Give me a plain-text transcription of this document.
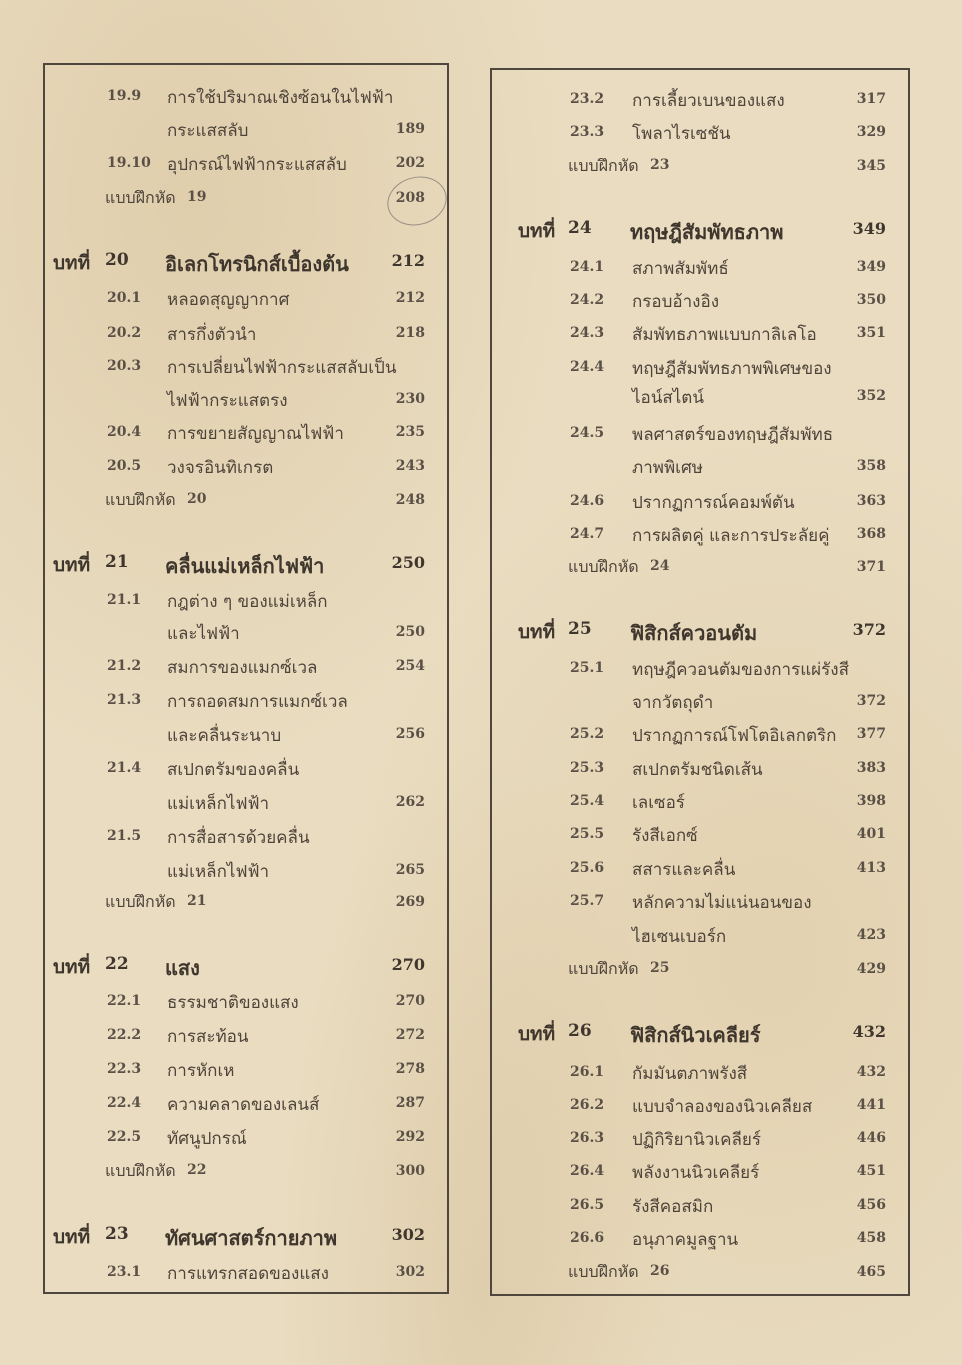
19.9 การใช้ปริมาณเชิงซ้อนในไฟฟ้า
กระแสสลับ	189
19.10 อุปกรณ์ไฟฟ้ากระแสสลับ	202
แบบฝึกหัด 19	208
บทที่ 20 อิเลกโทรนิกส์เบื้องต้น	212
20.1 หลอดสุญญากาศ	212
20.2 สารกึ่งตัวนำ	218
20.3 การเปลี่ยนไฟฟ้ากระแสสลับเป็น
ไฟฟ้ากระแสตรง	230
20.4 การขยายสัญญาณไฟฟ้า	235
20.5 วงจรอินทิเกรต	243
แบบฝึกหัด 20	248
บทที่ 21 คลื่นแม่เหล็กไฟฟ้า	250
21.1 กฎต่าง ๆ ของแม่เหล็ก
และไฟฟ้า	250
21.2 สมการของแมกซ์เวล	254
21.3 การถอดสมการแมกซ์เวล
และคลื่นระนาบ	256
21.4 สเปกตรัมของคลื่น
แม่เหล็กไฟฟ้า	262
21.5 การสื่อสารด้วยคลื่น
แม่เหล็กไฟฟ้า	265
แบบฝึกหัด 21	269
บทที่ 22 แสง	270
22.1 ธรรมชาติของแสง	270
22.2 การสะท้อน	272
22.3 การหักเห	278
22.4 ความคลาดของเลนส์	287
22.5 ทัศนูปกรณ์	292
แบบฝึกหัด 22	300
บทที่ 23 ทัศนศาสตร์กายภาพ	302
23.1 การแทรกสอดของแสง	302
23.2 การเลี้ยวเบนของแสง	317
23.3 โพลาไรเซชัน	329
แบบฝึกหัด 23	345
บทที่ 24 ทฤษฎีสัมพัทธภาพ	349
24.1 สภาพสัมพัทธ์	349
24.2 กรอบอ้างอิง	350
24.3 สัมพัทธภาพแบบกาลิเลโอ	351
24.4 ทฤษฎีสัมพัทธภาพพิเศษของ
ไอน์สไตน์	352
24.5 พลศาสตร์ของทฤษฎีสัมพัทธ
ภาพพิเศษ	358
24.6 ปรากฏการณ์คอมพ์ตัน	363
24.7 การผลิตคู่ และการประลัยคู่ 368
แบบฝึกหัด 24	371
บทที่ 25 ฟิสิกส์ควอนตัม	372
25.1 ทฤษฎีควอนตัมของการแผ่รังสี
จากวัตถุดำ	372
25.2 ปรากฏการณ์โฟโตอิเลกตริก 377
25.3 สเปกตรัมชนิดเส้น	383
25.4 เลเซอร์	398
25.5 รังสีเอกซ์	401
25.6 สสารและคลื่น	413
25.7 หลักความไม่แน่นอนของ
ไฮเซนเบอร์ก	423
แบบฝึกหัด 25	429
บทที่ 26 ฟิสิกส์นิวเคลียร์	432
26.1 กัมมันตภาพรังสี	432
26.2 แบบจำลองของนิวเคลียส	441
26.3 ปฏิกิริยานิวเคลียร์	446
26.4 พลังงานนิวเคลียร์	451
26.5 รังสีคอสมิก	456
26.6 อนุภาคมูลฐาน	458
แบบฝึกหัด 26	465
